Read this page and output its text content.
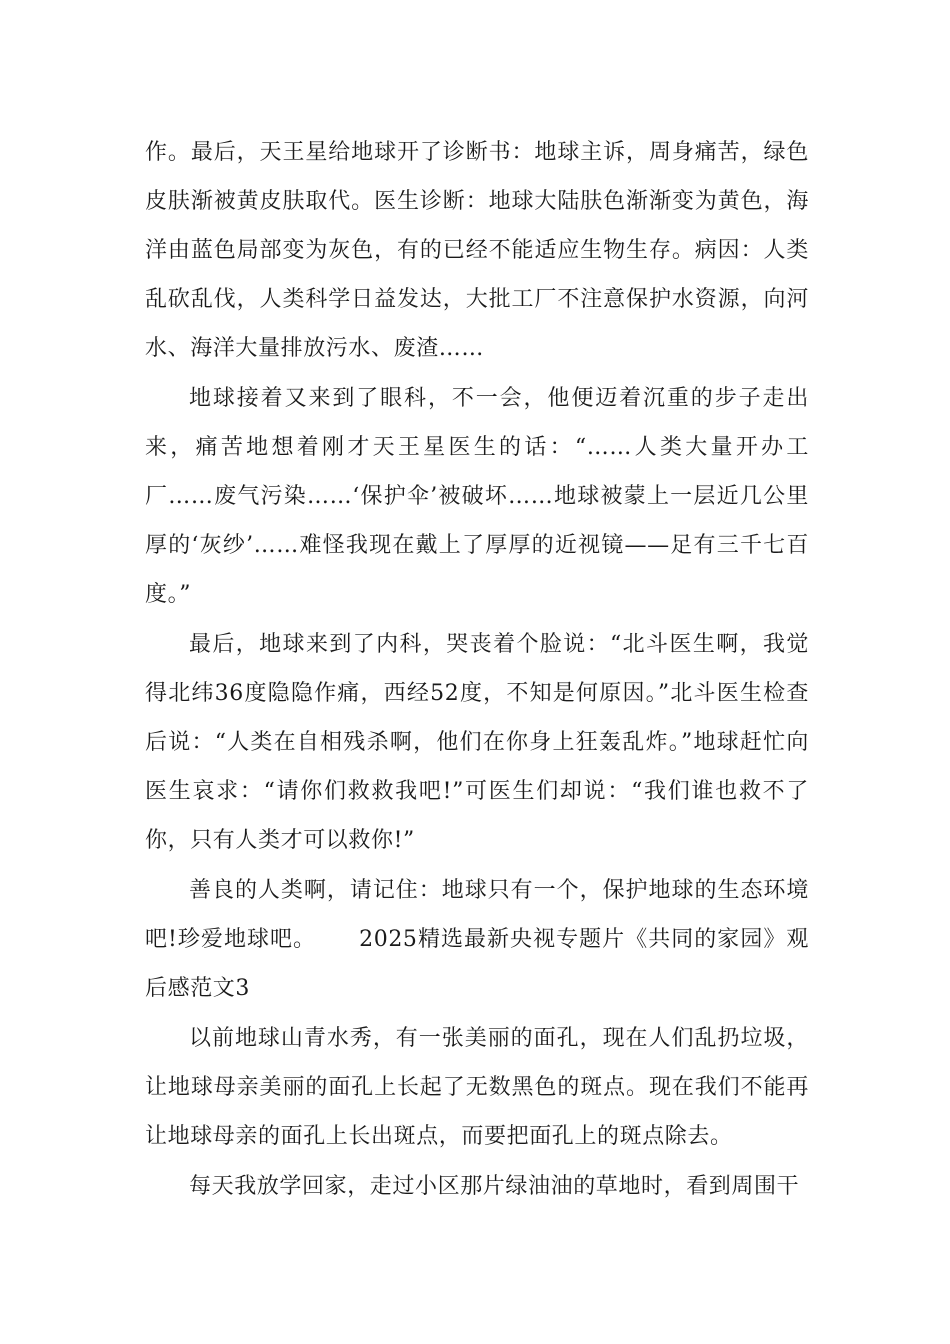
作。最后，天王星给地球开了诊断书：地球主诉，周身痛苦，绿色皮肤渐被黄皮肤取代。医生诊断：地球大陆肤色渐渐变为黄色，海洋由蓝色局部变为灰色，有的已经不能适应生物生存。病因：人类乱砍乱伐，人类科学日益发达，大批工厂不注意保护水资源，向河水、海洋大量排放污水、废渣……

地球接着又来到了眼科，不一会，他便迈着沉重的步子走出来，痛苦地想着刚才天王星医生的话：“……人类大量开办工厂……废气污染……‘保护伞’被破坏……地球被蒙上一层近几公里厚的‘灰纱’……难怪我现在戴上了厚厚的近视镜——足有三千七百度。”

最后，地球来到了内科，哭丧着个脸说：“北斗医生啊，我觉得北纬36度隐隐作痛，西经52度，不知是何原因。”北斗医生检查后说：“人类在自相残杀啊，他们在你身上狂轰乱炸。”地球赶忙向医生哀求：“请你们救救我吧!”可医生们却说：“我们谁也救不了你，只有人类才可以救你!”

善良的人类啊，请记住：地球只有一个，保护地球的生态环境吧!珍爱地球吧。　　 2025精选最新央视专题片《共同的家园》观后感范文3

以前地球山青水秀，有一张美丽的面孔，现在人们乱扔垃圾，让地球母亲美丽的面孔上长起了无数黑色的斑点。现在我们不能再让地球母亲的面孔上长出斑点，而要把面孔上的斑点除去。

每天我放学回家，走过小区那片绿油油的草地时，看到周围干
